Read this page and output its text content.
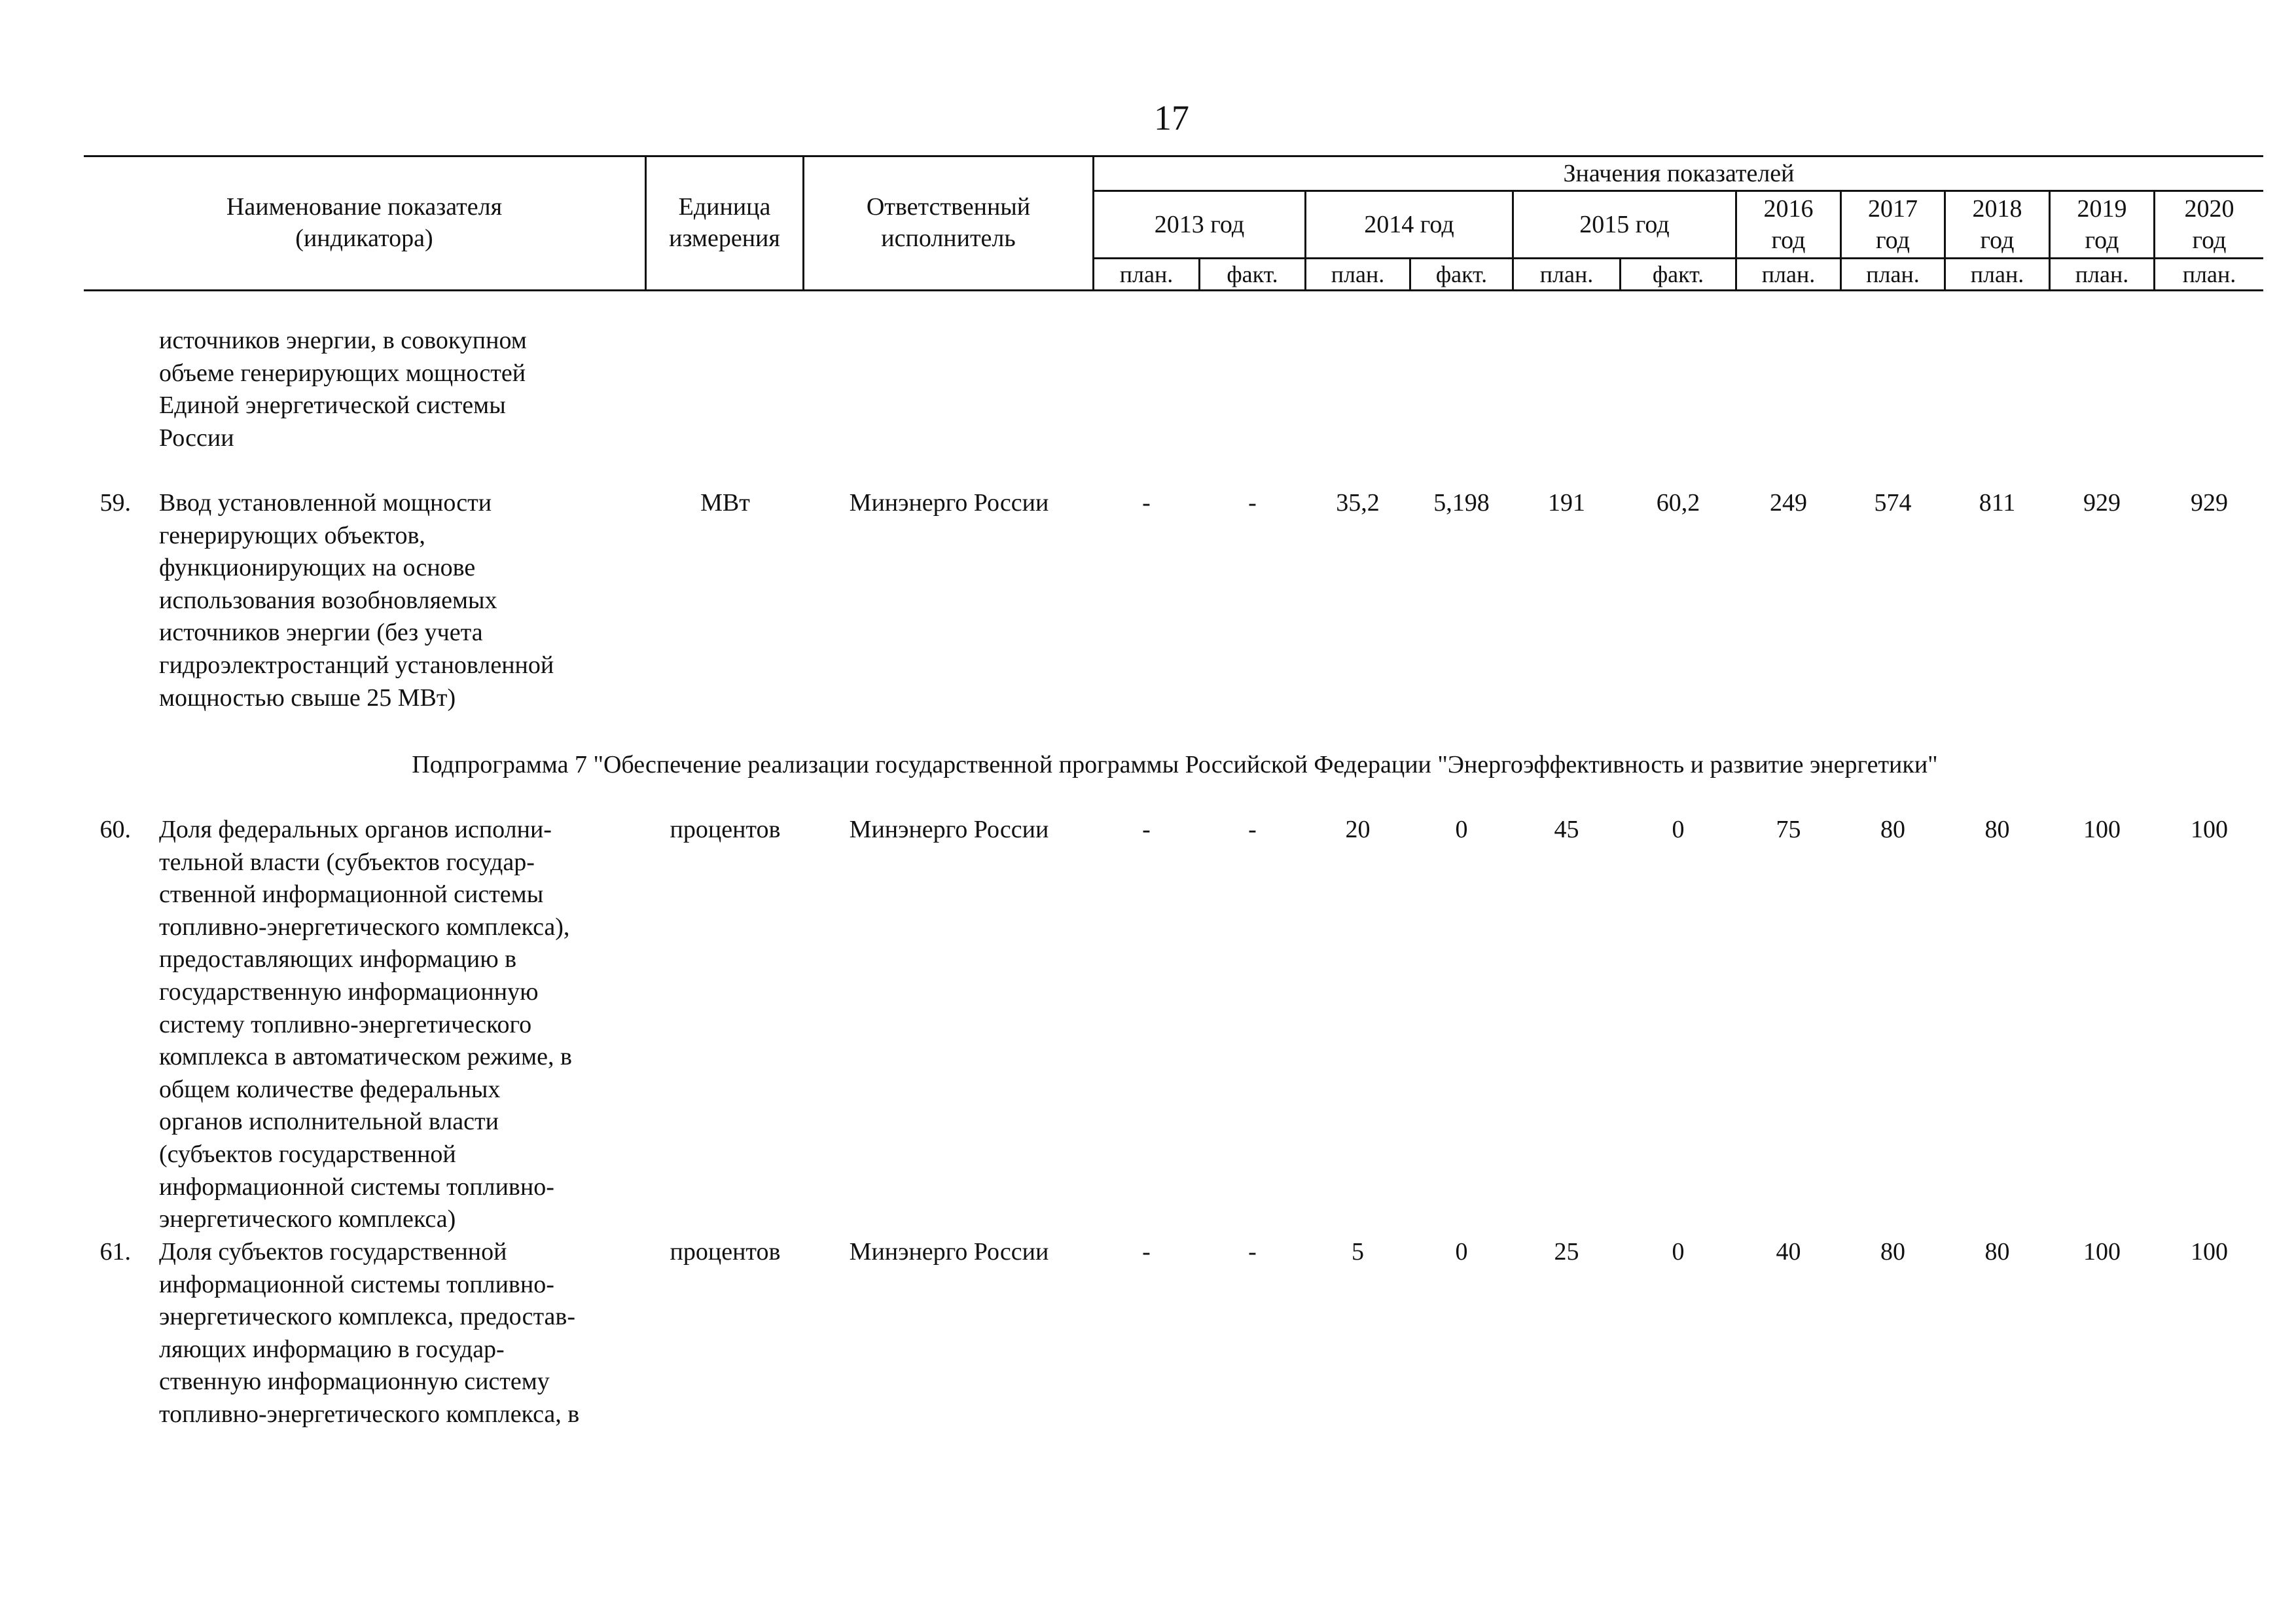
17
Наименование показателя
(индикатора)
Единица
измерения
Ответственный
исполнитель
Значения показателей
2013 год	2014 год	2015 год
2016
год
2017
год
2018
год
2019
год
2020
год
план.	факт.	план.	факт.	план.	факт.	план.	план.	план.	план.	план.
источников энергии, в совокупном
объеме генерирующих мощностей
Единой энергетической системы
России
59. Ввод установленной мощности
генерирующих объектов,
функционирующих на основе
использования возобновляемых
источников энергии (без учета
гидроэлектростанций установленной
мощностью свыше 25 МВт)
МВт	Минэнерго России	-	-	35,2	5,198	191	60,2	249	574	811	929	929
Подпрограмма 7 "Обеспечение реализации государственной программы Российской Федерации "Энергоэффективность и развитие энергетики"
60. Доля федеральных органов исполни-
тельной власти (субъектов государ-
ственной информационной системы
топливно-энергетического комплекса),
предоставляющих информацию в
государственную информационную
систему топливно-энергетического
комплекса в автоматическом режиме, в
общем количестве федеральных
органов исполнительной власти
(субъектов государственной
информационной системы топливно-
энергетического комплекса)
процентов	Минэнерго России	-	-	20	0	45	0	75	80	80	100	100
61. Доля субъектов государственной
информационной системы топливно-
энергетического комплекса, предостав-
ляющих информацию в государ-
ственную информационную систему
топливно-энергетического комплекса, в
процентов	Минэнерго России	-	-	5	0	25	0	40	80	80	100	100
